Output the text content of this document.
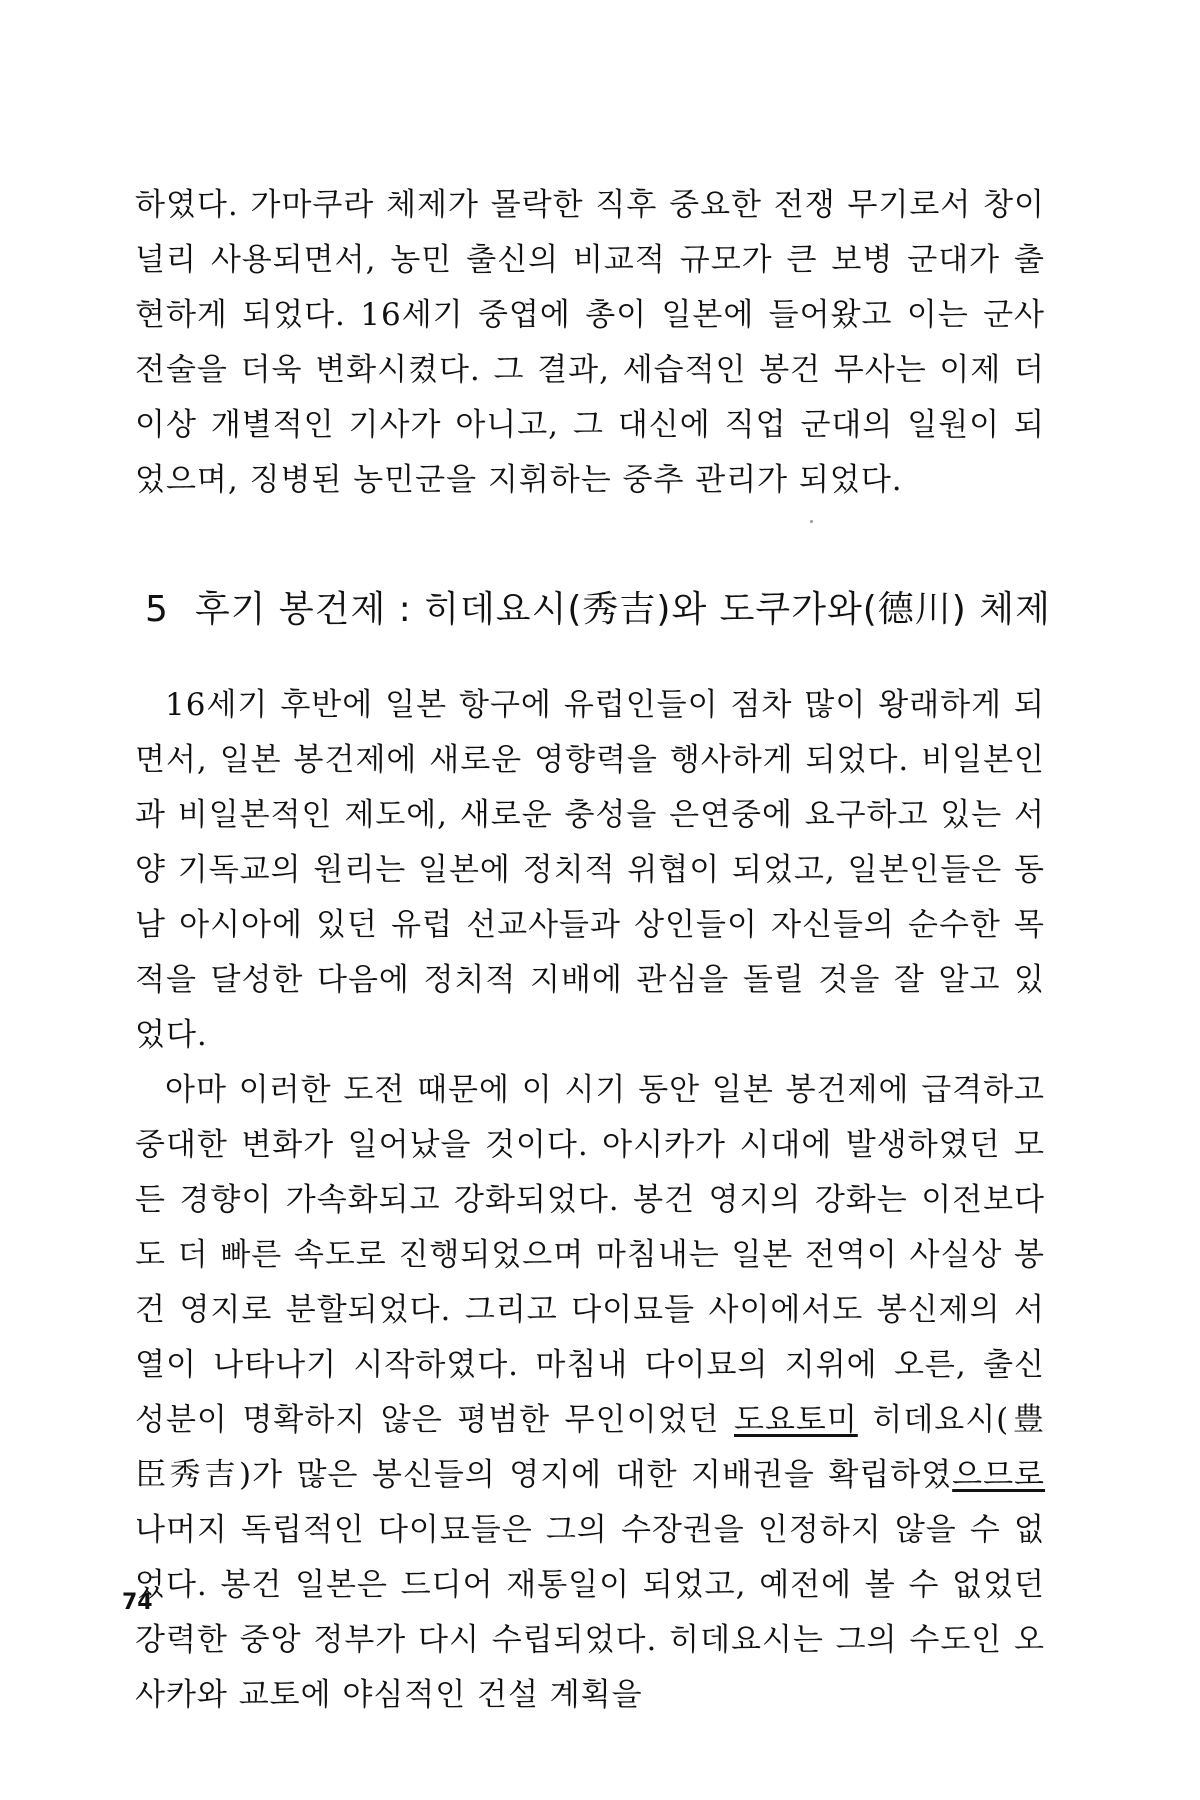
하였다. 가마쿠라 체제가 몰락한 직후 중요한 전쟁 무기로서 창이 널리 사용되면서, 농민 출신의 비교적 규모가 큰 보병 군대가 출현하게 되었다. 16세기 중엽에 총이 일본에 들어왔고 이는 군사 전술을 더욱 변화시켰다. 그 결과, 세습적인 봉건 무사는 이제 더 이상 개별적인 기사가 아니고, 그 대신에 직업 군대의 일원이 되었으며, 징병된 농민군을 지휘하는 중추 관리가 되었다.

5 후기 봉건제 : 히데요시(秀吉)와 도쿠가와(德川) 체제

16세기 후반에 일본 항구에 유럽인들이 점차 많이 왕래하게 되면서, 일본 봉건제에 새로운 영향력을 행사하게 되었다. 비일본인과 비일본적인 제도에, 새로운 충성을 은연중에 요구하고 있는 서양 기독교의 원리는 일본에 정치적 위협이 되었고, 일본인들은 동남 아시아에 있던 유럽 선교사들과 상인들이 자신들의 순수한 목적을 달성한 다음에 정치적 지배에 관심을 돌릴 것을 잘 알고 있었다.

아마 이러한 도전 때문에 이 시기 동안 일본 봉건제에 급격하고 중대한 변화가 일어났을 것이다. 아시카가 시대에 발생하였던 모든 경향이 가속화되고 강화되었다. 봉건 영지의 강화는 이전보다도 더 빠른 속도로 진행되었으며 마침내는 일본 전역이 사실상 봉건 영지로 분할되었다. 그리고 다이묘들 사이에서도 봉신제의 서열이 나타나기 시작하였다. 마침내 다이묘의 지위에 오른, 출신 성분이 명확하지 않은 평범한 무인이었던 도요토미 히데요시(豊臣秀吉)가 많은 봉신들의 영지에 대한 지배권을 확립하였으므로 나머지 독립적인 다이묘들은 그의 수장권을 인정하지 않을 수 없었다. 봉건 일본은 드디어 재통일이 되었고, 예전에 볼 수 없었던 강력한 중앙 정부가 다시 수립되었다. 히데요시는 그의 수도인 오사카와 교토에 야심적인 건설 계획을

74
